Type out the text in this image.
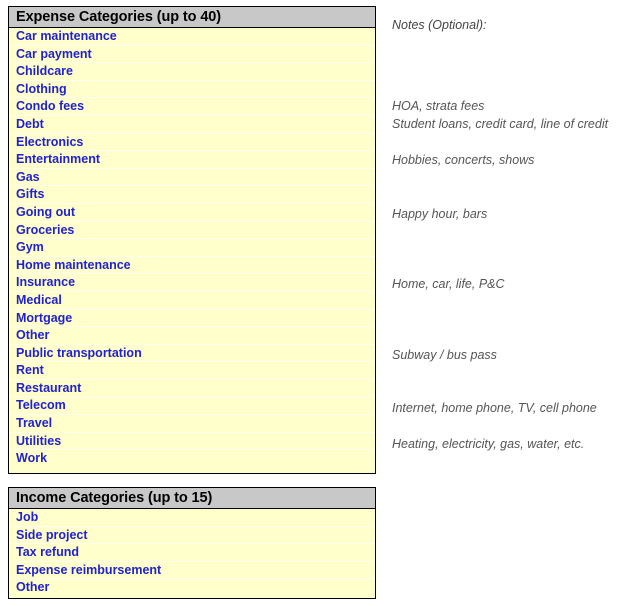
Expense Categories (up to 40)
Car maintenance
Car payment
Childcare
Clothing
Condo fees
Debt
Electronics
Entertainment
Gas
Gifts
Going out
Groceries
Gym
Home maintenance
Insurance
Medical
Mortgage
Other
Public transportation
Rent
Restaurant
Telecom
Travel
Utilities
Work
Income Categories (up to 15)
Job
Side project
Tax refund
Expense reimbursement
Other
Notes (Optional):
HOA, strata fees
Student loans, credit card, line of credit
Hobbies, concerts, shows
Happy hour, bars
Home, car, life, P&C
Subway / bus pass
Internet, home phone, TV, cell phone
Heating, electricity, gas, water, etc.
